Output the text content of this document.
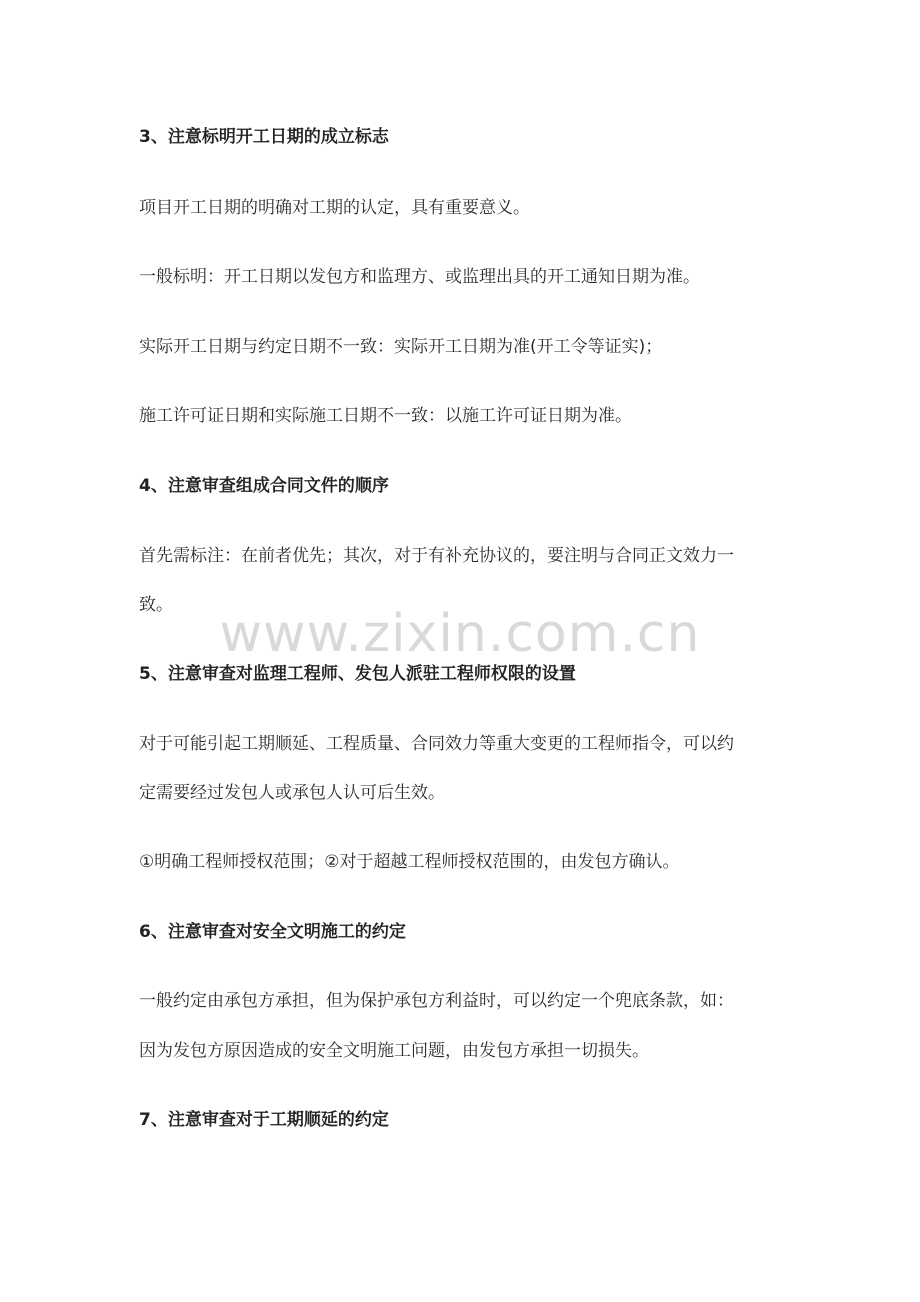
www.zixin.com.cn
3、注意标明开工日期的成立标志
项目开工日期的明确对工期的认定，具有重要意义。
一般标明：开工日期以发包方和监理方、或监理出具的开工通知日期为准。
实际开工日期与约定日期不一致：实际开工日期为准(开工令等证实)；
施工许可证日期和实际施工日期不一致：以施工许可证日期为准。
4、注意审查组成合同文件的顺序
首先需标注：在前者优先；其次，对于有补充协议的，要注明与合同正文效力一
致。
5、注意审查对监理工程师、发包人派驻工程师权限的设置
对于可能引起工期顺延、工程质量、合同效力等重大变更的工程师指令，可以约
定需要经过发包人或承包人认可后生效。
①明确工程师授权范围；②对于超越工程师授权范围的，由发包方确认。
6、注意审查对安全文明施工的约定
一般约定由承包方承担，但为保护承包方利益时，可以约定一个兜底条款，如：
因为发包方原因造成的安全文明施工问题，由发包方承担一切损失。
7、注意审查对于工期顺延的约定
